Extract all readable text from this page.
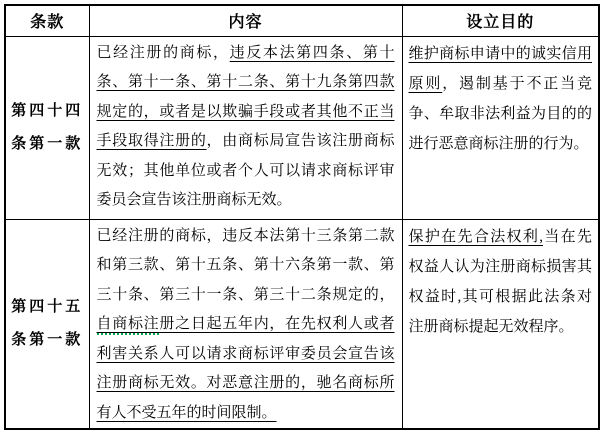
条款	内容	设立目的

第四十四
条第一款	已经注册的商标，违反本法第四条、第十条、第十一条、第十二条、第十九条第四款规定的，或者是以欺骗手段或者其他不正当手段取得注册的，由商标局宣告该注册商标无效；其他单位或者个人可以请求商标评审委员会宣告该注册商标无效。	维护商标申请中的诚实信用原则，遏制基于不正当竞争、牟取非法利益为目的的进行恶意商标注册的行为。

第四十五
条第一款	已经注册的商标，违反本法第十三条第二款和第三款、第十五条、第十六条第一款、第三十条、第三十一条、第三十二条规定的，自商标注册之日起五年内，在先权利人或者利害关系人可以请求商标评审委员会宣告该注册商标无效。对恶意注册的，驰名商标所有人不受五年的时间限制。	保护在先合法权利,当在先权益人认为注册商标损害其权益时,其可根据此法条对注册商标提起无效程序。
